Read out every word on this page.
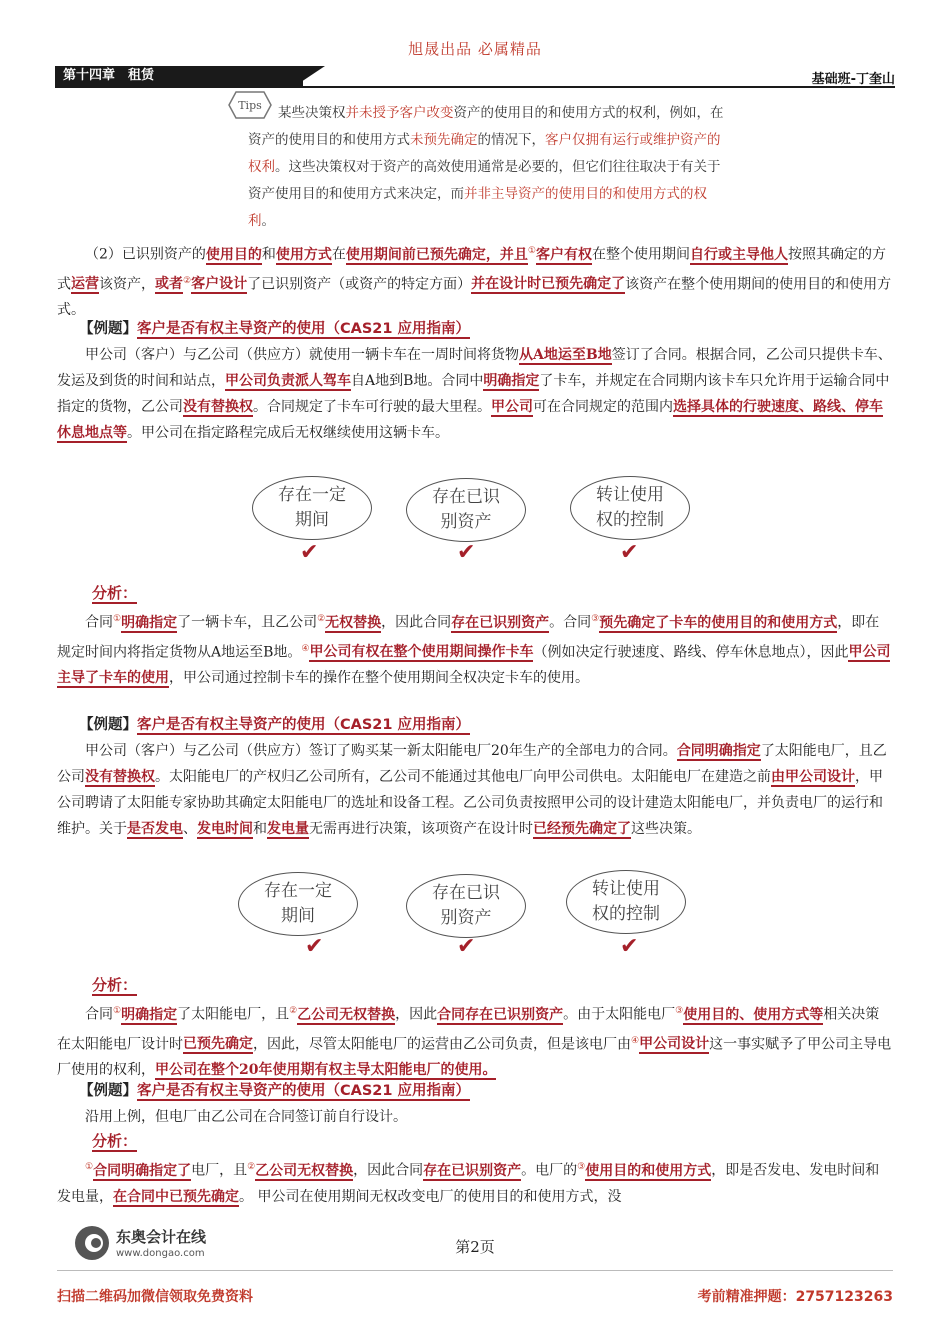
旭晟出品 必属精品
第十四章　租赁	基础班-丁奎山
Tips	某些决策权并未授予客户改变资产的使用目的和使用方式的权利，例如，在资产的使用目的和使用方式未预先确定的情况下，客户仅拥有运行或维护资产的权利。这些决策权对于资产的高效使用通常是必要的，但它们往往取决于有关于资产使用目的和使用方式来决定，而并非主导资产的使用目的和使用方式的权利。
（2）已识别资产的使用目的和使用方式在使用期间前已预先确定，并且①客户有权在整个使用期间自行或主导他人按照其确定的方式运营该资产，或者②客户设计了已识别资产（或资产的特定方面）并在设计时已预先确定了该资产在整个使用期间的使用目的和使用方式。
【例题】客户是否有权主导资产的使用（CAS21 应用指南）
甲公司（客户）与乙公司（供应方）就使用一辆卡车在一周时间将货物从A地运至B地签订了合同。根据合同，乙公司只提供卡车、发运及到货的时间和站点，甲公司负责派人驾车自A地到B地。合同中明确指定了卡车，并规定在合同期内该卡车只允许用于运输合同中指定的货物，乙公司没有替换权。合同规定了卡车可行驶的最大里程。甲公司可在合同规定的范围内选择具体的行驶速度、路线、停车休息地点等。甲公司在指定路程完成后无权继续使用这辆卡车。
存在一定期间
存在已识别资产
转让使用权的控制
✔	✔	✔
分析：
合同①明确指定了一辆卡车，且乙公司②无权替换，因此合同存在已识别资产。合同③预先确定了卡车的使用目的和使用方式，即在规定时间内将指定货物从A地运至B地。④甲公司有权在整个使用期间操作卡车（例如决定行驶速度、路线、停车休息地点），因此甲公司主导了卡车的使用，甲公司通过控制卡车的操作在整个使用期间全权决定卡车的使用。
【例题】客户是否有权主导资产的使用（CAS21 应用指南）
甲公司（客户）与乙公司（供应方）签订了购买某一新太阳能电厂20年生产的全部电力的合同。合同明确指定了太阳能电厂，且乙公司没有替换权。太阳能电厂的产权归乙公司所有，乙公司不能通过其他电厂向甲公司供电。太阳能电厂在建造之前由甲公司设计，甲公司聘请了太阳能专家协助其确定太阳能电厂的选址和设备工程。乙公司负责按照甲公司的设计建造太阳能电厂，并负责电厂的运行和维护。关于是否发电、发电时间和发电量无需再进行决策，该项资产在设计时已经预先确定了这些决策。
存在一定期间
存在已识别资产
转让使用权的控制
✔	✔	✔
分析：
合同①明确指定了太阳能电厂，且②乙公司无权替换，因此合同存在已识别资产。由于太阳能电厂③使用目的、使用方式等相关决策在太阳能电厂设计时已预先确定，因此，尽管太阳能电厂的运营由乙公司负责，但是该电厂由④甲公司设计这一事实赋予了甲公司主导电厂使用的权利，甲公司在整个20年使用期有权主导太阳能电厂的使用。
【例题】客户是否有权主导资产的使用（CAS21 应用指南）
沿用上例，但电厂由乙公司在合同签订前自行设计。
分析：
①合同明确指定了电厂，且②乙公司无权替换，因此合同存在已识别资产。电厂的③使用目的和使用方式，即是否发电、发电时间和发电量，在合同中已预先确定。 甲公司在使用期间无权改变电厂的使用目的和使用方式，没
东奥会计在线
www.dongao.com	第2页
扫描二维码加微信领取免费资料	考前精准押题：2757123263
